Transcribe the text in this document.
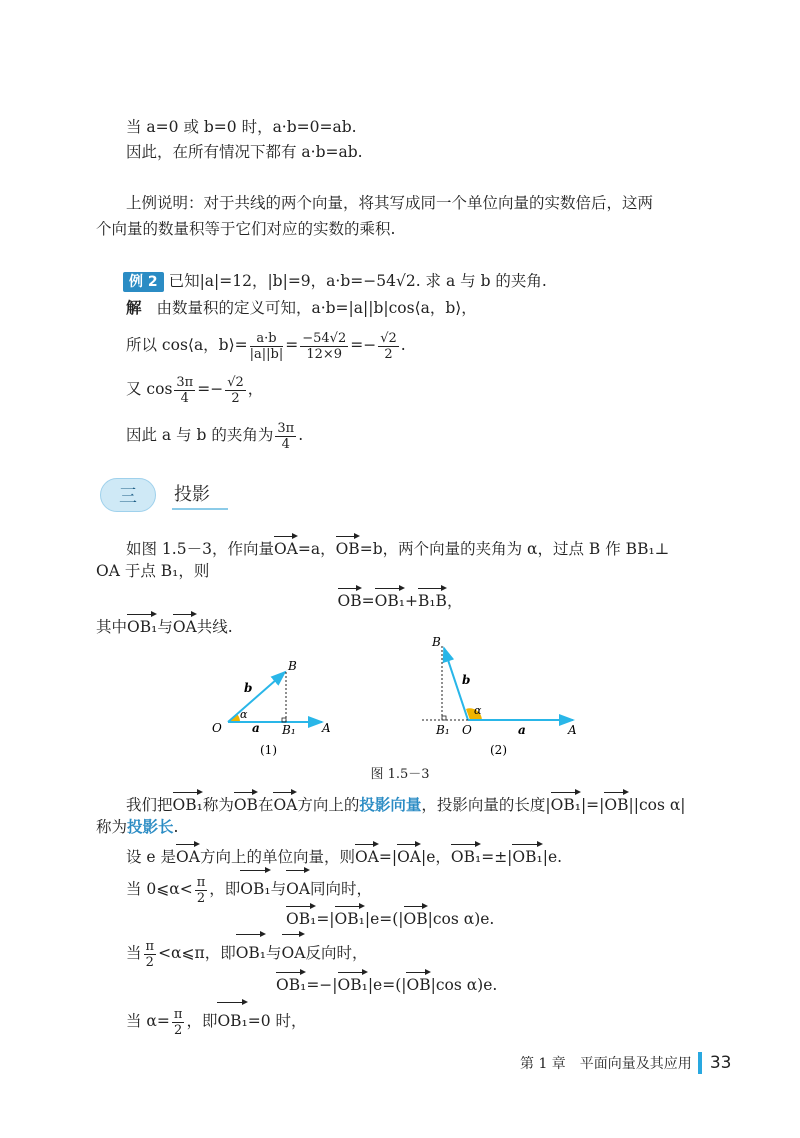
当 a=0 或 b=0 时，a·b=0=ab.
因此，在所有情况下都有 a·b=ab.
上例说明：对于共线的两个向量，将其写成同一个单位向量的实数倍后，这两
个向量的数量积等于它们对应的实数的乘积.
例 2 已知|a|=12，|b|=9，a·b=−54√2. 求 a 与 b 的夹角.
解 由数量积的定义可知，a·b=|a||b|cos⟨a，b⟩，
所以 cos⟨a，b⟩= $\frac{a\cdot b}{|a||b|} = \frac{-54√2}{12\times 9} =- \frac{√2}{2}$ .
又 $\cos \frac{3\pi}{4} =- \frac{√2}{2}$ ，
因此 a 与 b 的夹角为 $\frac{3\pi}{4}$ .
三	投影
如图 1.5－3，作向量OA=a，OB=b，两个向量的夹角为 α，过点 B 作 BB₁⊥
OA 于点 B₁，则
OB=OB₁+B₁B，
其中OB₁与OA共线.
O	A
B
B₁
b
a
α
(1)
B
B₁ O	A
b
a
α
(2)
图 1.5－3
我们把OB₁称为OB在OA方向上的投影向量，投影向量的长度|OB₁|=|OB||cos α|
称为投影长.
设 e 是OA方向上的单位向量，则OA=|OA|e，OB₁=±|OB₁|e.
当 0⩽α< $\frac{\pi}{2}$ ，即OB₁与OA同向时，
OB₁=|OB₁|e=(|OB|cos α)e.
当 $\frac{\pi}{2}$ <α⩽π，即OB₁与OA反向时，
OB₁=−|OB₁|e=(|OB|cos α)e.
当 $\alpha= \frac{\pi}{2}$ ，即OB₁=0 时，
第 1 章　平面向量及其应用 33
